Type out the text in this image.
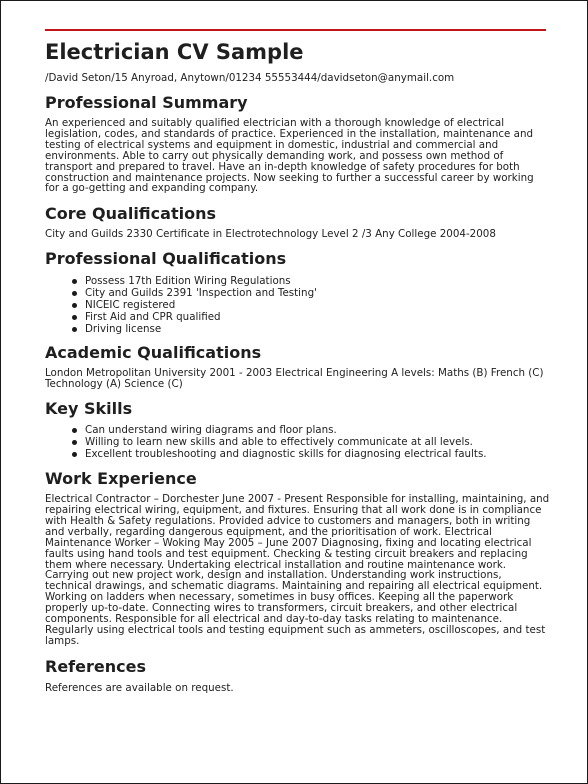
Electrician CV Sample

/David Seton/15 Anyroad, Anytown/01234 55553444/davidseton@anymail.com

Professional Summary

An experienced and suitably qualified electrician with a thorough knowledge of electrical legislation, codes, and standards of practice. Experienced in the installation, maintenance and testing of electrical systems and equipment in domestic, industrial and commercial and environments. Able to carry out physically demanding work, and possess own method of transport and prepared to travel. Have an in-depth knowledge of safety procedures for both construction and maintenance projects. Now seeking to further a successful career by working for a go-getting and expanding company.

Core Qualifications

City and Guilds 2330 Certificate in Electrotechnology Level 2 /3 Any College 2004-2008

Professional Qualifications
Possess 17th Edition Wiring Regulations
City and Guilds 2391 'Inspection and Testing'
NICEIC registered
First Aid and CPR qualified
Driving license
Academic Qualifications

London Metropolitan University 2001 - 2003 Electrical Engineering A levels: Maths (B) French (C) Technology (A) Science (C)

Key Skills
Can understand wiring diagrams and floor plans.
Willing to learn new skills and able to effectively communicate at all levels.
Excellent troubleshooting and diagnostic skills for diagnosing electrical faults.
Work Experience

Electrical Contractor – Dorchester June 2007 - Present Responsible for installing, maintaining, and repairing electrical wiring, equipment, and fixtures. Ensuring that all work done is in compliance with Health & Safety regulations. Provided advice to customers and managers, both in writing and verbally, regarding dangerous equipment, and the prioritisation of work. Electrical Maintenance Worker – Woking May 2005 – June 2007 Diagnosing, fixing and locating electrical faults using hand tools and test equipment. Checking & testing circuit breakers and replacing them where necessary. Undertaking electrical installation and routine maintenance work. Carrying out new project work, design and installation. Understanding work instructions, technical drawings, and schematic diagrams. Maintaining and repairing all electrical equipment. Working on ladders when necessary, sometimes in busy offices. Keeping all the paperwork properly up-to-date. Connecting wires to transformers, circuit breakers, and other electrical components. Responsible for all electrical and day-to-day tasks relating to maintenance. Regularly using electrical tools and testing equipment such as ammeters, oscilloscopes, and test lamps.

References

References are available on request.
